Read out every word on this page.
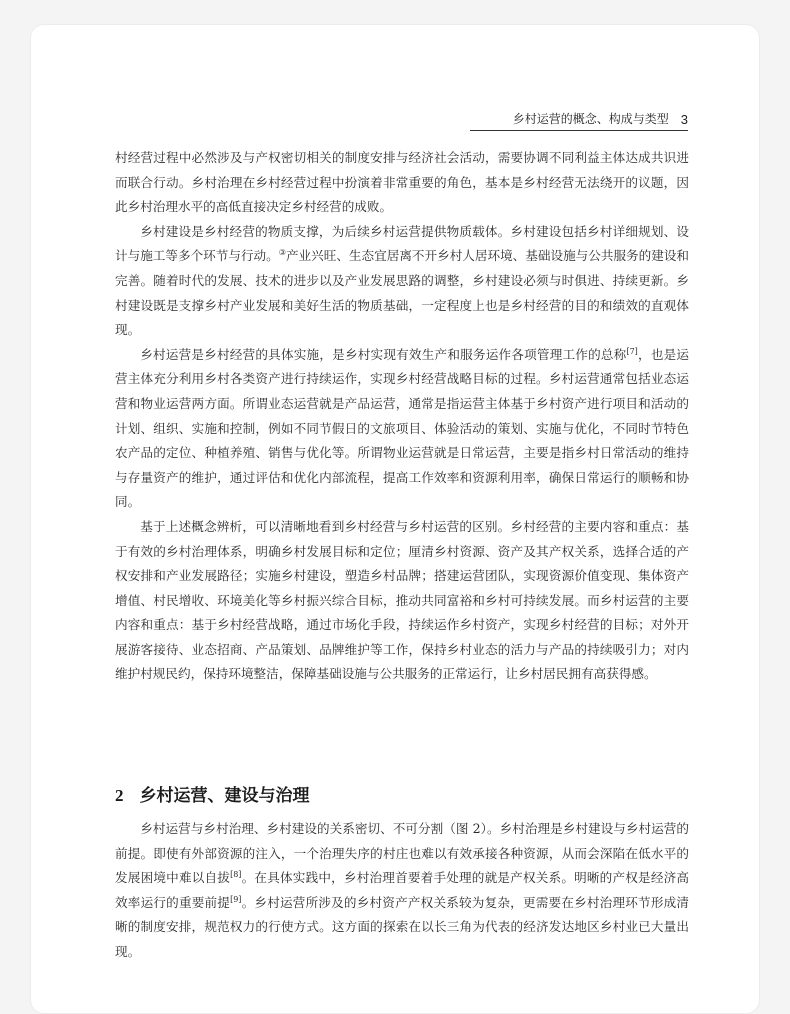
乡村运营的概念、构成与类型 3

村经营过程中必然涉及与产权密切相关的制度安排与经济社会活动，需要协调不同利益主体达成共识进而联合行动。乡村治理在乡村经营过程中扮演着非常重要的角色，基本是乡村经营无法绕开的议题，因此乡村治理水平的高低直接决定乡村经营的成败。

乡村建设是乡村经营的物质支撑，为后续乡村运营提供物质载体。乡村建设包括乡村详细规划、设计与施工等多个环节与行动。③产业兴旺、生态宜居离不开乡村人居环境、基础设施与公共服务的建设和完善。随着时代的发展、技术的进步以及产业发展思路的调整，乡村建设必须与时俱进、持续更新。乡村建设既是支撑乡村产业发展和美好生活的物质基础，一定程度上也是乡村经营的目的和绩效的直观体现。

乡村运营是乡村经营的具体实施，是乡村实现有效生产和服务运作各项管理工作的总称[7]，也是运营主体充分利用乡村各类资产进行持续运作，实现乡村经营战略目标的过程。乡村运营通常包括业态运营和物业运营两方面。所谓业态运营就是产品运营，通常是指运营主体基于乡村资产进行项目和活动的计划、组织、实施和控制，例如不同节假日的文旅项目、体验活动的策划、实施与优化，不同时节特色农产品的定位、种植养殖、销售与优化等。所谓物业运营就是日常运营，主要是指乡村日常活动的维持与存量资产的维护，通过评估和优化内部流程，提高工作效率和资源利用率，确保日常运行的顺畅和协同。

基于上述概念辨析，可以清晰地看到乡村经营与乡村运营的区别。乡村经营的主要内容和重点：基于有效的乡村治理体系，明确乡村发展目标和定位；厘清乡村资源、资产及其产权关系，选择合适的产权安排和产业发展路径；实施乡村建设，塑造乡村品牌；搭建运营团队，实现资源价值变现、集体资产增值、村民增收、环境美化等乡村振兴综合目标，推动共同富裕和乡村可持续发展。而乡村运营的主要内容和重点：基于乡村经营战略，通过市场化手段，持续运作乡村资产，实现乡村经营的目标；对外开展游客接待、业态招商、产品策划、品牌维护等工作，保持乡村业态的活力与产品的持续吸引力；对内维护村规民约，保持环境整洁，保障基础设施与公共服务的正常运行，让乡村居民拥有高获得感。

2 乡村运营、建设与治理

乡村运营与乡村治理、乡村建设的关系密切、不可分割（图 2）。乡村治理是乡村建设与乡村运营的前提。即使有外部资源的注入，一个治理失序的村庄也难以有效承接各种资源，从而会深陷在低水平的发展困境中难以自拔[8]。在具体实践中，乡村治理首要着手处理的就是产权关系。明晰的产权是经济高效率运行的重要前提[9]。乡村运营所涉及的乡村资产产权关系较为复杂，更需要在乡村治理环节形成清晰的制度安排，规范权力的行使方式。这方面的探索在以长三角为代表的经济发达地区乡村业已大量出现。
